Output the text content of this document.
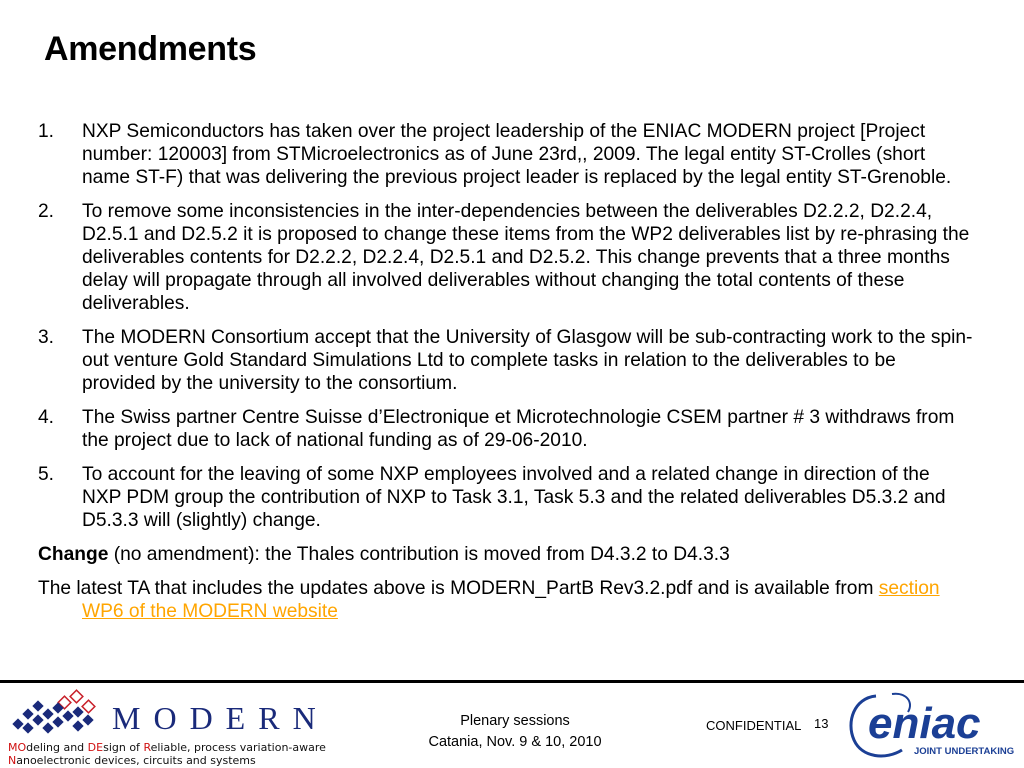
Amendments
1. NXP Semiconductors has taken over the project leadership of the ENIAC MODERN project [Project number: 120003] from STMicroelectronics as of June 23rd,, 2009. The legal entity ST-Crolles (short name ST-F) that was delivering the previous project leader is replaced by the legal entity ST-Grenoble.
2. To remove some inconsistencies in the inter-dependencies between the deliverables D2.2.2, D2.2.4, D2.5.1 and D2.5.2 it is proposed to change these items from the WP2 deliverables list by re-phrasing the deliverables contents for D2.2.2, D2.2.4, D2.5.1 and D2.5.2. This change prevents that a three months delay will propagate through all involved deliverables without changing the total contents of these deliverables.
3. The MODERN Consortium accept that the University of Glasgow will be sub-contracting work to the spin-out venture Gold Standard Simulations Ltd to complete tasks in relation to the deliverables to be provided by the university to the consortium.
4. The Swiss partner Centre Suisse d’Electronique et Microtechnologie CSEM partner # 3 withdraws from the project due to lack of national funding as of 29-06-2010.
5. To account for the leaving of some NXP employees involved and a related change in direction of the NXP PDM group the contribution of NXP to Task 3.1, Task 5.3 and the related deliverables D5.3.2 and D5.3.3 will (slightly) change.

Change (no amendment): the Thales contribution is moved from D4.3.2 to D4.3.3

The latest TA that includes the updates above is MODERN_PartB Rev3.2.pdf and is available from section WP6 of the MODERN website

MODERN
MOdeling and DEsign of Reliable, process variation-aware
Nanoelectronic devices, circuits and systems
Plenary sessions
Catania, Nov. 9 & 10, 2010
CONFIDENTIAL 13 eniac
JOINT UNDERTAKING
